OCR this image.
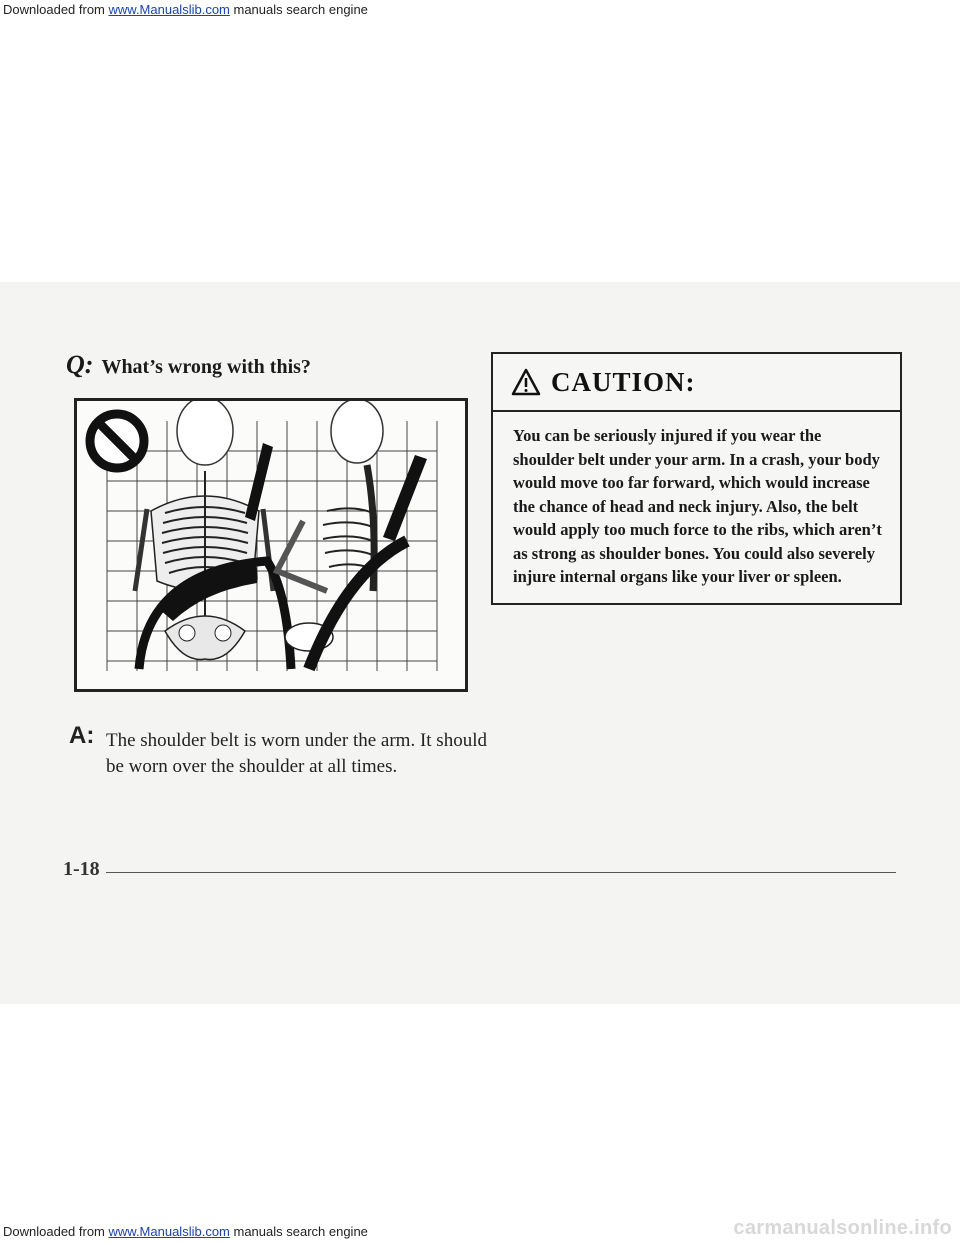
Downloaded from www.Manualslib.com manuals search engine
Q: What’s wrong with this?
A: The shoulder belt is worn under the arm. It should be worn over the shoulder at all times.
CAUTION:
You can be seriously injured if you wear the shoulder belt under your arm. In a crash, your body would move too far forward, which would increase the chance of head and neck injury. Also, the belt would apply too much force to the ribs, which aren’t as strong as shoulder bones. You could also severely injure internal organs like your liver or spleen.
1-18
Downloaded from www.Manualslib.com manuals search engine	carmanualsonline.info
